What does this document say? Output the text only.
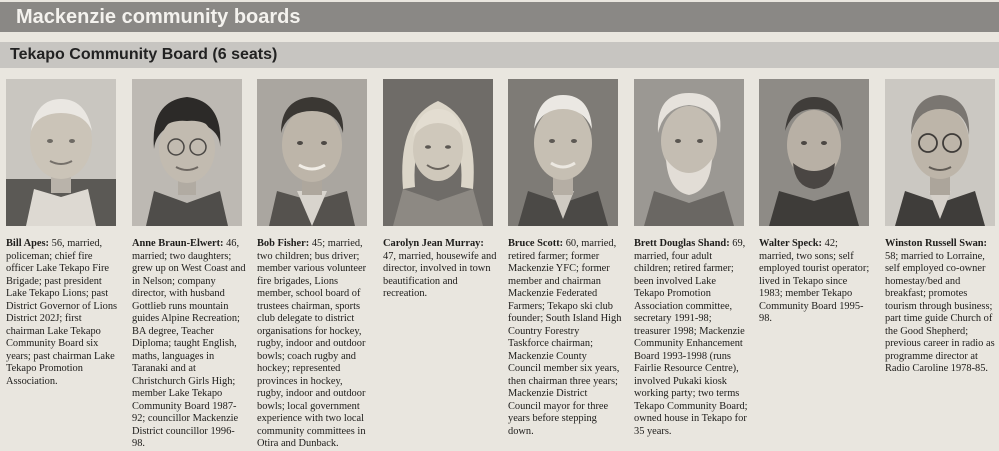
Mackenzie community boards
Tekapo Community Board (6 seats)
Bill Apes: 56, married, policeman; chief fire officer Lake Tekapo Fire Brigade; past president Lake Tekapo Lions; past District Governor of Lions District 202J; first chairman Lake Tekapo Community Board six years; past chairman Lake Tekapo Promotion Association.
Anne Braun-Elwert: 46, married; two daughters; grew up on West Coast and in Nelson; company director, with husband Gottlieb runs mountain guides Alpine Recreation; BA degree, Teacher Diploma; taught English, maths, languages in Taranaki and at Christchurch Girls High; member Lake Tekapo Community Board 1987-92; councillor Mackenzie District councillor 1996-98.
Bob Fisher: 45; married, two children; bus driver; member various volunteer fire brigades, Lions member, school board of trustees chairman, sports club delegate to district organisations for hockey, rugby, indoor and outdoor bowls; coach rugby and hockey; represented provinces in hockey, rugby, indoor and outdoor bowls; local government experience with two local community committees in Otira and Dunback.
Carolyn Jean Murray: 47, married, housewife and director, involved in town beautification and recreation.
Bruce Scott: 60, married, retired farmer; former Mackenzie YFC; former member and chairman Mackenzie Federated Farmers; Tekapo ski club founder; South Island High Country Forestry Taskforce chairman; Mackenzie County Council member six years, then chairman three years; Mackenzie District Council mayor for three years before stepping down.
Brett Douglas Shand: 69, married, four adult children; retired farmer; been involved Lake Tekapo Promotion Association committee, secretary 1991-98; treasurer 1998; Mackenzie Community Enhancement Board 1993-1998 (runs Fairlie Resource Centre), involved Pukaki kiosk working party; two terms Tekapo Community Board; owned house in Tekapo for 35 years.
Walter Speck: 42; married, two sons; self employed tourist operator; lived in Tekapo since 1983; member Tekapo Community Board 1995-98.
Winston Russell Swan: 58; married to Lorraine, self employed co-owner homestay/bed and breakfast; promotes tourism through business; part time guide Church of the Good Shepherd; previous career in radio as programme director at Radio Caroline 1978-85.
